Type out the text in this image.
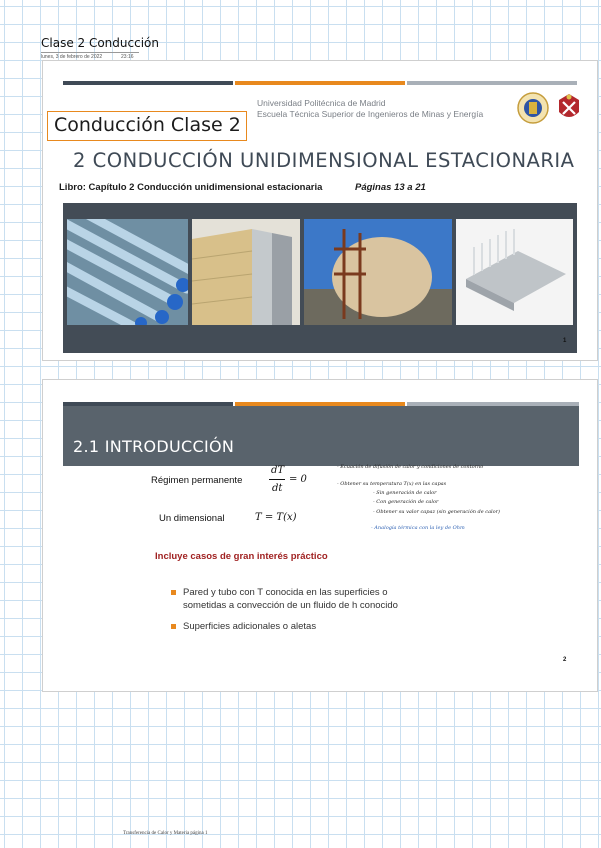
Clase 2 Conducción
lunes, 3 de febrero de 2022	23:16
Universidad Politécnica de Madrid
Escuela Técnica Superior de Ingenieros de Minas y Energía
Conducción Clase 2
2 CONDUCCIÓN UNIDIMENSIONAL ESTACIONARIA
Libro: Capítulo 2 Conducción unidimensional estacionaria	Páginas 13 a 21
1
2.1 INTRODUCCIÓN
Régimen permanente
dT
dt
= 0
Un dimensional	T = T(x)
- Ecuación de difusión de calor y condiciones de contorno
- Obtener su temperatura T(x) en las capas
- Sin generación de calor
- Con generación de calor
- Obtener su valor capaz (sin generación de calor)
- Analogía térmica con la ley de Ohm
Incluye casos de gran interés práctico
Pared y tubo con T conocida en las superficies o
sometidas a convección de un fluido de h conocido
Superficies adicionales o aletas
2
Transferencia de Calor y Materia página 1
